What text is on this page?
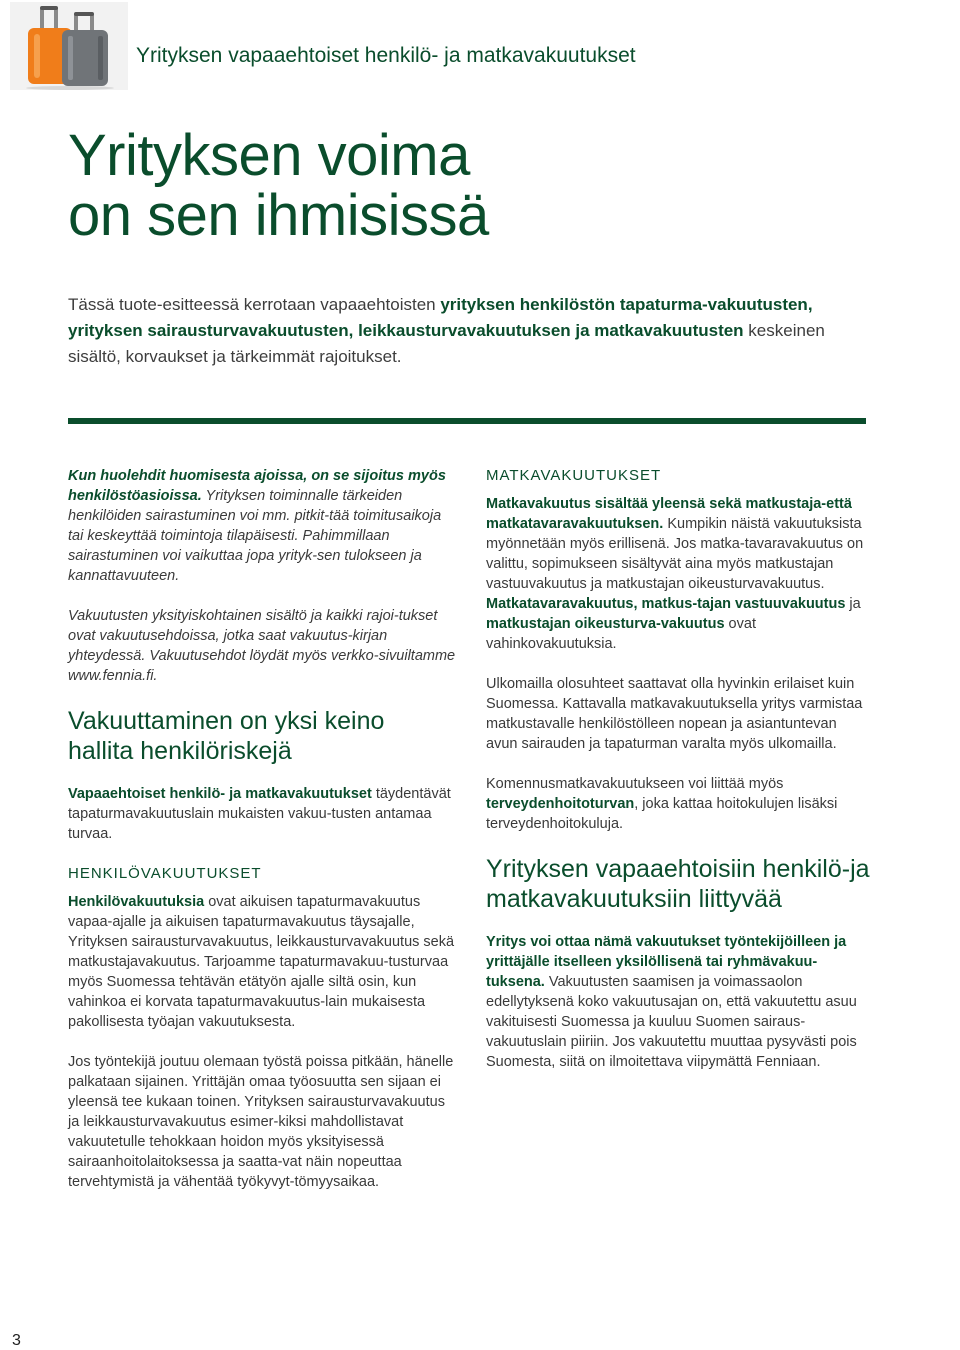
Yrityksen vapaaehtoiset henkilö- ja matkavakuutukset
Yrityksen voima
on sen ihmisissä

Tässä tuote-esitteessä kerrotaan vapaaehtoisten yrityksen henkilöstön tapaturma-vakuutusten, yrityksen sairausturvavakuutusten, leikkausturvavakuutuksen ja matkavakuutusten keskeinen sisältö, korvaukset ja tärkeimmät rajoitukset.

Kun huolehdit huomisesta ajoissa, on se sijoitus myös henkilöstöasioissa. Yrityksen toiminnalle tärkeiden henkilöiden sairastuminen voi mm. pitkit-tää toimitusaikoja tai keskeyttää toimintoja tilapäisesti. Pahimmillaan sairastuminen voi vaikuttaa jopa yrityk-sen tulokseen ja kannattavuuteen.

Vakuutusten yksityiskohtainen sisältö ja kaikki rajoi-tukset ovat vakuutusehdoissa, jotka saat vakuutus-kirjan yhteydessä. Vakuutusehdot löydät myös verkko-sivuiltamme www.fennia.fi.

Vakuuttaminen on yksi keino hallita henkilöriskejä

Vapaaehtoiset henkilö- ja matkavakuutukset täydentävät tapaturmavakuutuslain mukaisten vakuu-tusten antamaa turvaa.

HENKILÖVAKUUTUKSET

Henkilövakuutuksia ovat aikuisen tapaturmavakuutus vapaa-ajalle ja aikuisen tapaturmavakuutus täysajalle, Yrityksen sairausturvavakuutus, leikkausturvavakuutus sekä matkustajavakuutus. Tarjoamme tapaturmavakuu-tusturvaa myös Suomessa tehtävän etätyön ajalle siltä osin, kun vahinkoa ei korvata tapaturmavakuutus-lain mukaisesta pakollisesta työajan vakuutuksesta.

Jos työntekijä joutuu olemaan työstä poissa pitkään, hänelle palkataan sijainen. Yrittäjän omaa työosuutta sen sijaan ei yleensä tee kukaan toinen. Yrityksen sairausturvavakuutus ja leikkausturvavakuutus esimer-kiksi mahdollistavat vakuutetulle tehokkaan hoidon myös yksityisessä sairaanhoitolaitoksessa ja saatta-vat näin nopeuttaa tervehtymistä ja vähentää työkyvyt-tömyysaikaa.

MATKAVAKUUTUKSET

Matkavakuutus sisältää yleensä sekä matkustaja-että matkatavaravakuutuksen. Kumpikin näistä vakuutuksista myönnetään myös erillisenä. Jos matka-tavaravakuutus on valittu, sopimukseen sisältyvät aina myös matkustajan vastuuvakuutus ja matkustajan oikeusturvavakuutus. Matkatavaravakuutus, matkus-tajan vastuuvakuutus ja matkustajan oikeusturva-vakuutus ovat vahinkovakuutuksia.

Ulkomailla olosuhteet saattavat olla hyvinkin erilaiset kuin Suomessa. Kattavalla matkavakuutuksella yritys varmistaa matkustavalle henkilöstölleen nopean ja asiantuntevan avun sairauden ja tapaturman varalta myös ulkomailla.

Komennusmatkavakuutukseen voi liittää myös terveydenhoitoturvan, joka kattaa hoitokulujen lisäksi terveydenhoitokuluja.

Yrityksen vapaaehtoisiin henkilö-ja matkavakuutuksiin liittyvää

Yritys voi ottaa nämä vakuutukset työntekijöilleen ja yrittäjälle itselleen yksilöllisenä tai ryhmävakuu-tuksena. Vakuutusten saamisen ja voimassaolon edellytyksenä koko vakuutusajan on, että vakuutettu asuu vakituisesti Suomessa ja kuuluu Suomen sairaus-vakuutuslain piiriin. Jos vakuutettu muuttaa pysyvästi pois Suomesta, siitä on ilmoitettava viipymättä Fenniaan.

3
